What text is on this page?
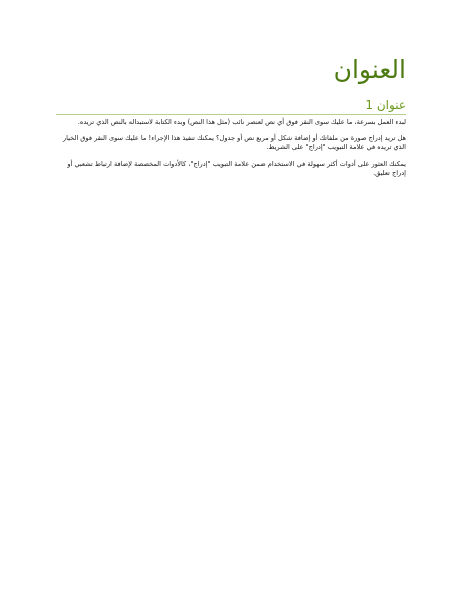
العنوان
عنوان 1

لبدء العمل بسرعة، ما عليك سوى النقر فوق أي نص لعنصر نائب (مثل هذا النص) وبدء الكتابة لاستبداله بالنص الذي تريده.

هل تريد إدراج صورة من ملفاتك أو إضافة شكل أو مربع نص أو جدول؟ يمكنك تنفيذ هذا الإجراء! ما عليك سوى النقر فوق الخيار الذي تريده في علامة التبويب "إدراج" على الشريط.

يمكنك العثور على أدوات أكثر سهولة في الاستخدام ضمن علامة التبويب "إدراج"، كالأدوات المخصصة لإضافة ارتباط تشعبي أو إدراج تعليق.
